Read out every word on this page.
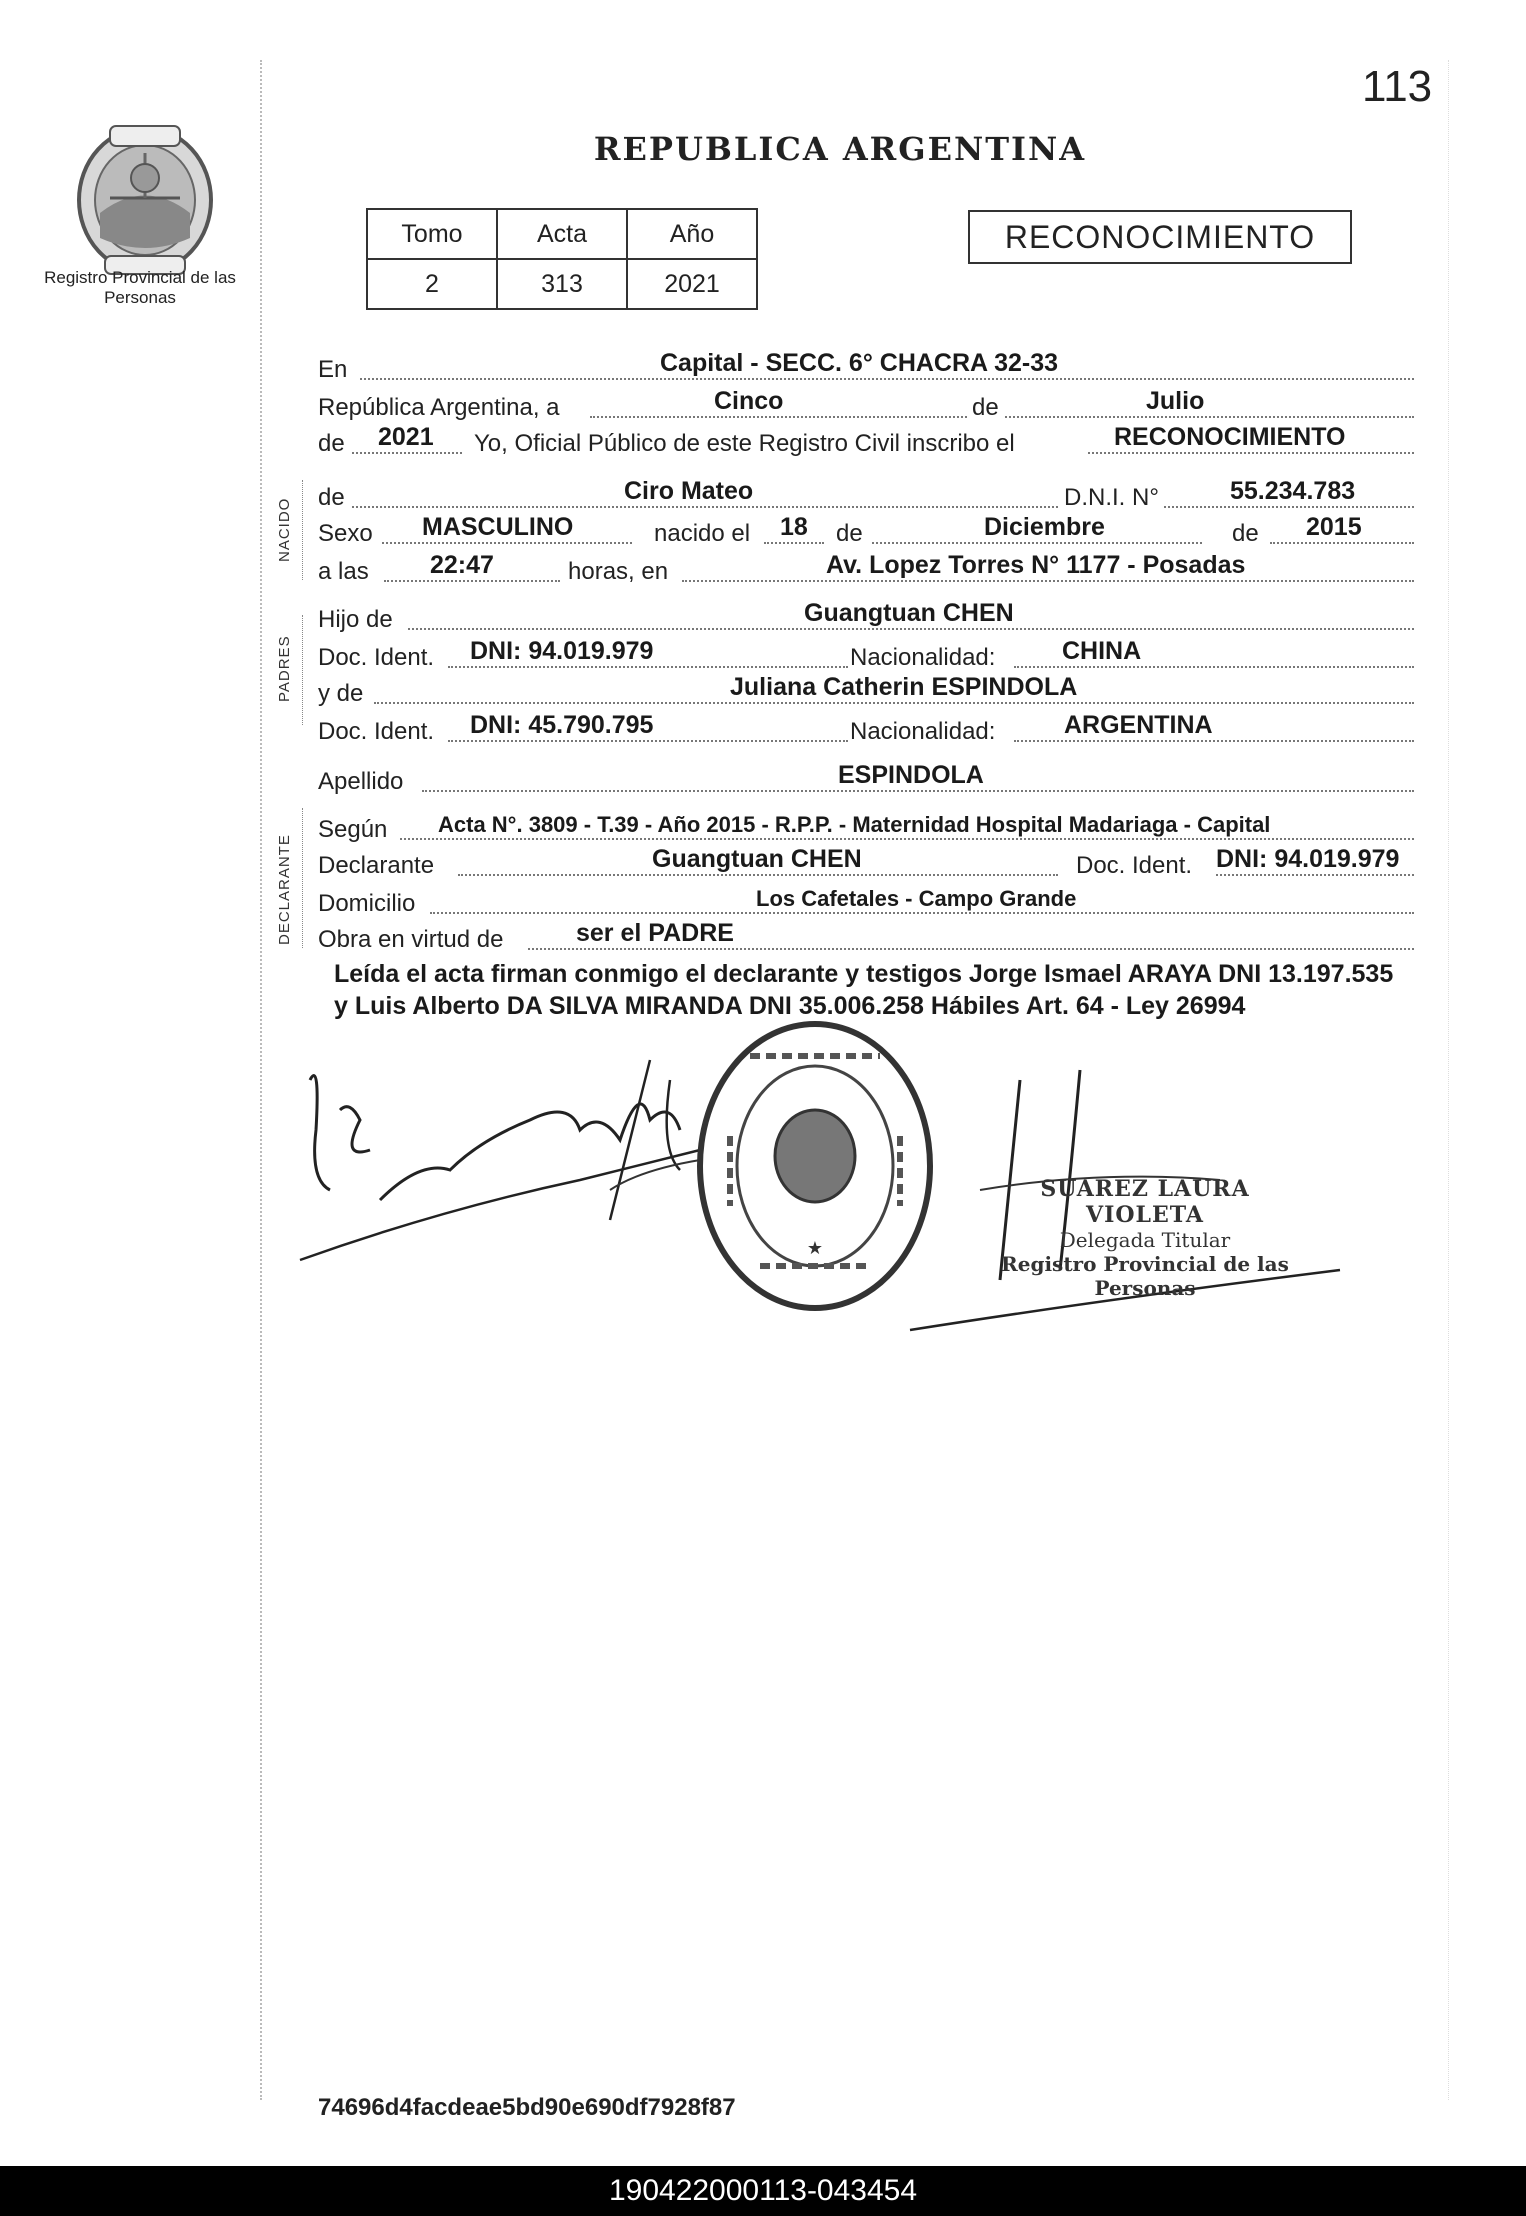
113
Registro Provincial de las Personas
REPUBLICA ARGENTINA
Tomo	Acta	Año
2	313	2021
RECONOCIMIENTO
NACIDO
PADRES
DECLARANTE
En	Capital - SECC. 6° CHACRA 32-33
República Argentina, a	Cinco	de	Julio
de 2021 Yo, Oficial Público de este Registro Civil inscribo el	RECONOCIMIENTO
de	Ciro Mateo	D.N.I. N°	55.234.783
Sexo MASCULINO	nacido el 18 de	Diciembre	de 2015
a las 22:47	horas, en	Av. Lopez Torres N° 1177 - Posadas
Hijo de	Guangtuan CHEN
Doc. Ident. DNI: 94.019.979	Nacionalidad:	CHINA
y de	Juliana Catherin ESPINDOLA
Doc. Ident. DNI: 45.790.795	Nacionalidad:	ARGENTINA
Apellido	ESPINDOLA
Según Acta N°. 3809 - T.39 - Año 2015 - R.P.P. - Maternidad Hospital Madariaga - Capital
Declarante	Guangtuan CHEN	Doc. Ident. DNI: 94.019.979
Domicilio	Los Cafetales - Campo Grande
Obra en virtud de	ser el PADRE
Leída el acta firman conmigo el declarante y testigos Jorge Ismael ARAYA DNI 13.197.535 y Luis Alberto DA SILVA MIRANDA DNI 35.006.258 Hábiles Art. 64 - Ley 26994
★
SUAREZ LAURA VIOLETA
Delegada Titular
Registro Provincial de las Personas
74696d4facdeae5bd90e690df7928f87
190422000113-043454
